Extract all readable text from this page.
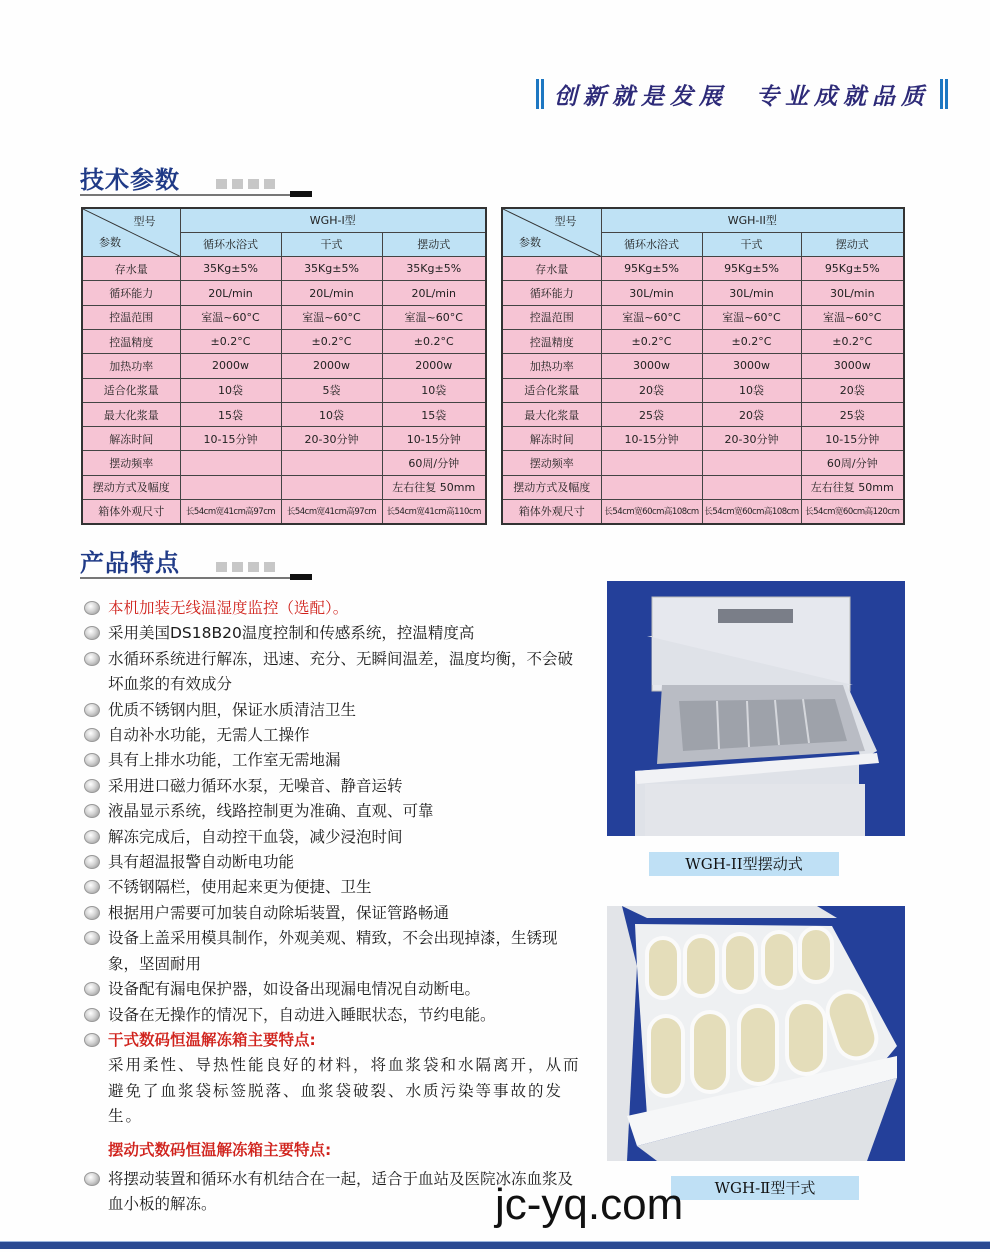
创新就是发展  专业成就品质
技术参数
型号
参数	WGH-I型		
	循环水浴式	干式	摆动式
存水量	35Kg±5%	35Kg±5%	35Kg±5%
循环能力	20L/min	20L/min	20L/min
控温范围	室温~60°C	室温~60°C	室温~60°C
控温精度	±0.2°C	±0.2°C	±0.2°C
加热功率	2000w	2000w	2000w
适合化浆量	10袋	5袋	10袋
最大化浆量	15袋	10袋	15袋
解冻时间	10-15分钟	20-30分钟	10-15分钟
摆动频率			60周/分钟
摆动方式及幅度			左右往复 50mm
箱体外观尺寸	长54cm宽41cm高97cm	长54cm宽41cm高97cm	长54cm宽41cm高110cm
型号
参数	WGH-II型		
	循环水浴式	干式	摆动式
存水量	95Kg±5%	95Kg±5%	95Kg±5%
循环能力	30L/min	30L/min	30L/min
控温范围	室温~60°C	室温~60°C	室温~60°C
控温精度	±0.2°C	±0.2°C	±0.2°C
加热功率	3000w	3000w	3000w
适合化浆量	20袋	10袋	20袋
最大化浆量	25袋	20袋	25袋
解冻时间	10-15分钟	20-30分钟	10-15分钟
摆动频率			60周/分钟
摆动方式及幅度			左右往复 50mm
箱体外观尺寸	长54cm宽60cm高108cm	长54cm宽60cm高108cm	长54cm宽60cm高120cm
产品特点
本机加装无线温湿度监控（选配）。
采用美国DS18B20温度控制和传感系统，控温精度高
水循环系统进行解冻，迅速、充分、无瞬间温差，温度均衡，不会破坏血浆的有效成分
优质不锈钢内胆，保证水质清洁卫生
自动补水功能，无需人工操作
具有上排水功能，工作室无需地漏
采用进口磁力循环水泵，无噪音、静音运转
液晶显示系统，线路控制更为准确、直观、可靠
解冻完成后，自动控干血袋，减少浸泡时间
具有超温报警自动断电功能
不锈钢隔栏，使用起来更为便捷、卫生
根据用户需要可加装自动除垢装置，保证管路畅通
设备上盖采用模具制作，外观美观、精致，不会出现掉漆，生锈现象，坚固耐用
设备配有漏电保护器，如设备出现漏电情况自动断电。
设备在无操作的情况下，自动进入睡眠状态，节约电能。
干式数码恒温解冻箱主要特点:
采用柔性、导热性能良好的材料，将血浆袋和水隔离开，从而避免了血浆袋标签脱落、血浆袋破裂、水质污染等事故的发生。
摆动式数码恒温解冻箱主要特点:
将摆动装置和循环水有机结合在一起，适合于血站及医院冰冻血浆及血小板的解冻。
WGH-II型摆动式
WGH-Ⅱ型干式
jc-yq.com
